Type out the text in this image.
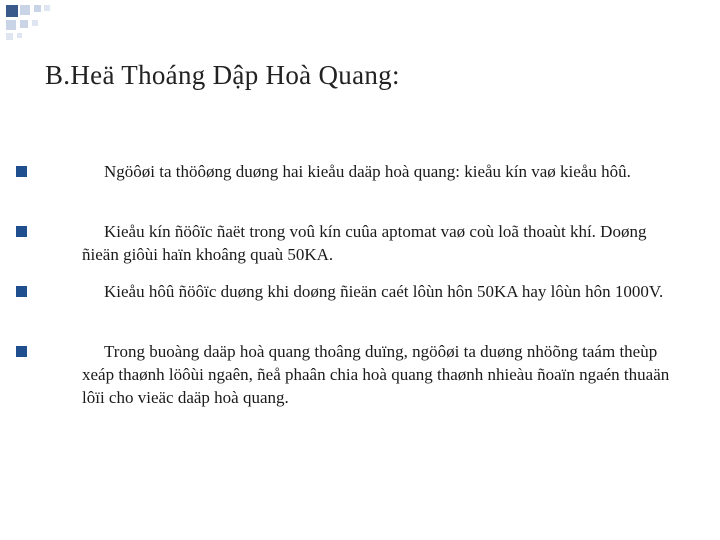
B.Heä Thoáng Dập Hoà Quang:
Ngöôøi ta thöôøng duøng hai kieåu daäp hoà quang: kieåu kín vaø kieåu hôû.
Kieåu kín ñöôïc ñaët trong voû kín cuûa aptomat vaø coù loã thoaùt khí. Doøng ñieän giôùi haïn khoâng quaù 50KA.
Kieåu hôû ñöôïc duøng khi doøng ñieän caét lôùn hôn 50KA hay lôùn hôn 1000V.
Trong buoàng daäp hoà quang thoâng duïng, ngöôøi ta duøng nhöõng taám theùp xeáp thaønh löôùi ngaên, ñeå phaân chia hoà quang thaønh nhieàu ñoaïn ngaén thuaän lôïi cho vieäc daäp hoà quang.
